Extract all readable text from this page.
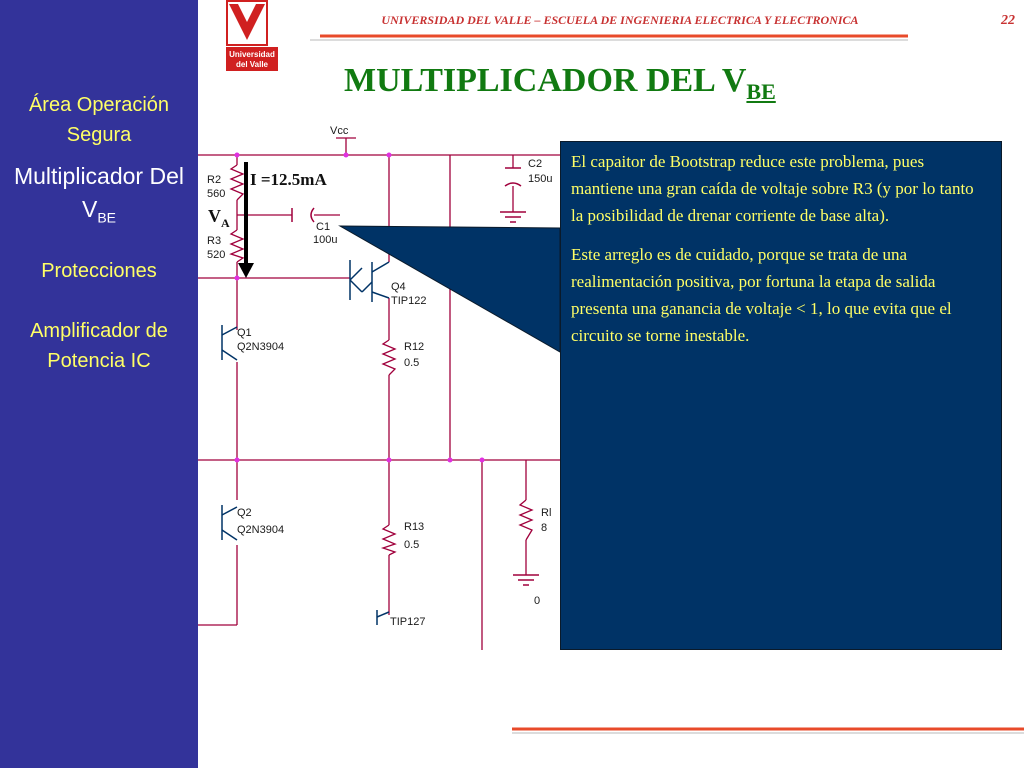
Área Operación Segura
Multiplicador Del $V_{BE}$
Protecciones
Amplificador de Potencia IC
Universidad
del Valle
UNIVERSIDAD DEL VALLE – ESCUELA DE INGENIERIA ELECTRICA Y ELECTRONICA	22
MULTIPLICADOR DEL $V_{BE}$
Vcc
C2
150u
R2
560
R3
520
C1
100u
Q4
TIP122
Q1
Q2N3904
Q2
Q2N3904
R12
0.5
R13
0.5
Rl
8
TIP127
0
I =12.5mA
$V_A$

El capaitor de Bootstrap reduce este problema, pues mantiene una gran caída de voltaje sobre R3 (y por lo tanto la posibilidad de drenar corriente de base alta).

Este arreglo es de cuidado, porque se trata de una realimentación positiva, por fortuna la etapa de salida presenta una ganancia de voltaje < 1, lo que evita que el circuito se torne inestable.
